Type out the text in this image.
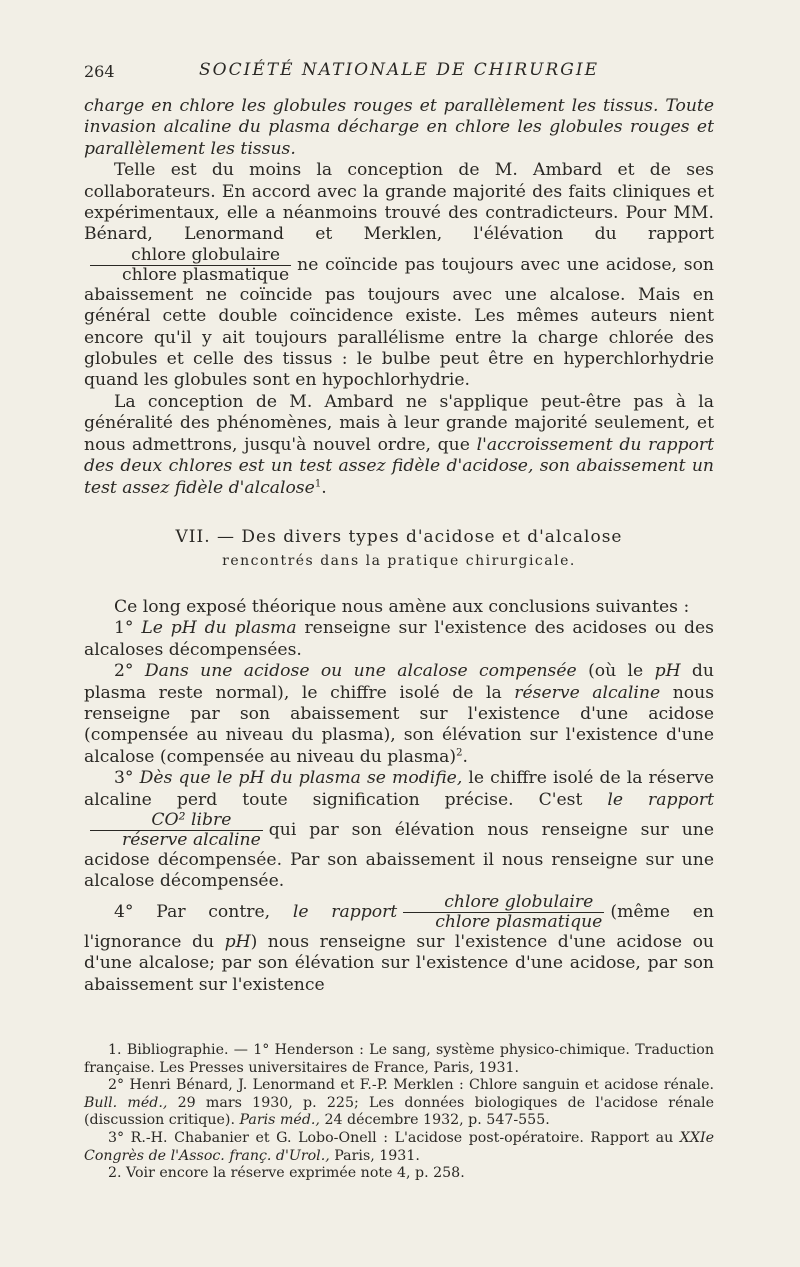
264	SOCIÉTÉ NATIONALE DE CHIRURGIE

charge en chlore les globules rouges et parallèlement les tissus. Toute invasion alcaline du plasma décharge en chlore les globules rouges et parallèlement les tissus.

Telle est du moins la conception de M. Ambard et de ses collaborateurs. En accord avec la grande majorité des faits cliniques et expérimentaux, elle a néanmoins trouvé des contradicteurs. Pour MM. Bénard, Lenormand et Merklen, l'élévation du rapport
$\frac{\text{chlore globulaire}}{\text{chlore plasmatique}}$ ne coïncide pas toujours avec une acidose, son abaissement ne coïncide pas toujours avec une alcalose. Mais en général cette double coïncidence existe. Les mêmes auteurs nient encore qu'il y ait toujours parallélisme entre la charge chlorée des globules et celle des tissus : le bulbe peut être en hyperchlorhydrie quand les globules sont en hypochlorhydrie.

La conception de M. Ambard ne s'applique peut-être pas à la généralité des phénomènes, mais à leur grande majorité seulement, et nous admettrons, jusqu'à nouvel ordre, que l'accroissement du rapport des deux chlores est un test assez fidèle d'acidose, son abaissement un test assez fidèle d'alcalose$^1$.

VII. — Des divers types d'acidose et d'alcalose
rencontrés dans la pratique chirurgicale.

Ce long exposé théorique nous amène aux conclusions suivantes :

1° Le pH du plasma renseigne sur l'existence des acidoses ou des alcaloses décompensées.

2° Dans une acidose ou une alcalose compensée (où le pH du plasma reste normal), le chiffre isolé de la réserve alcaline nous renseigne par son abaissement sur l'existence d'une acidose (compensée au niveau du plasma), son élévation sur l'existence d'une alcalose (compensée au niveau du plasma)$^2$.

3° Dès que le pH du plasma se modifie, le chiffre isolé de la réserve alcaline perd toute signification précise. C'est le rapport
$\frac{\text{CO² libre}}{\text{réserve alcaline}}$ qui par son élévation nous renseigne sur une acidose décompensée. Par son abaissement il nous renseigne sur une alcalose décompensée.

4° Par contre, le rapport $\frac{\text{chlore globulaire}}{\text{chlore plasmatique}}$ (même en l'ignorance du pH) nous renseigne sur l'existence d'une acidose ou d'une alcalose; par son élévation sur l'existence d'une acidose, par son abaissement sur l'existence

1. Bibliographie. — 1° Henderson : Le sang, système physico-chimique. Traduction française. Les Presses universitaires de France, Paris, 1931.

2° Henri Bénard, J. Lenormand et F.-P. Merklen : Chlore sanguin et acidose rénale. Bull. méd., 29 mars 1930, p. 225; Les données biologiques de l'acidose rénale (discussion critique). Paris méd., 24 décembre 1932, p. 547-555.

3° R.-H. Chabanier et G. Lobo-Onell : L'acidose post-opératoire. Rapport au XXIe Congrès de l'Assoc. franç. d'Urol., Paris, 1931.

2. Voir encore la réserve exprimée note 4, p. 258.
